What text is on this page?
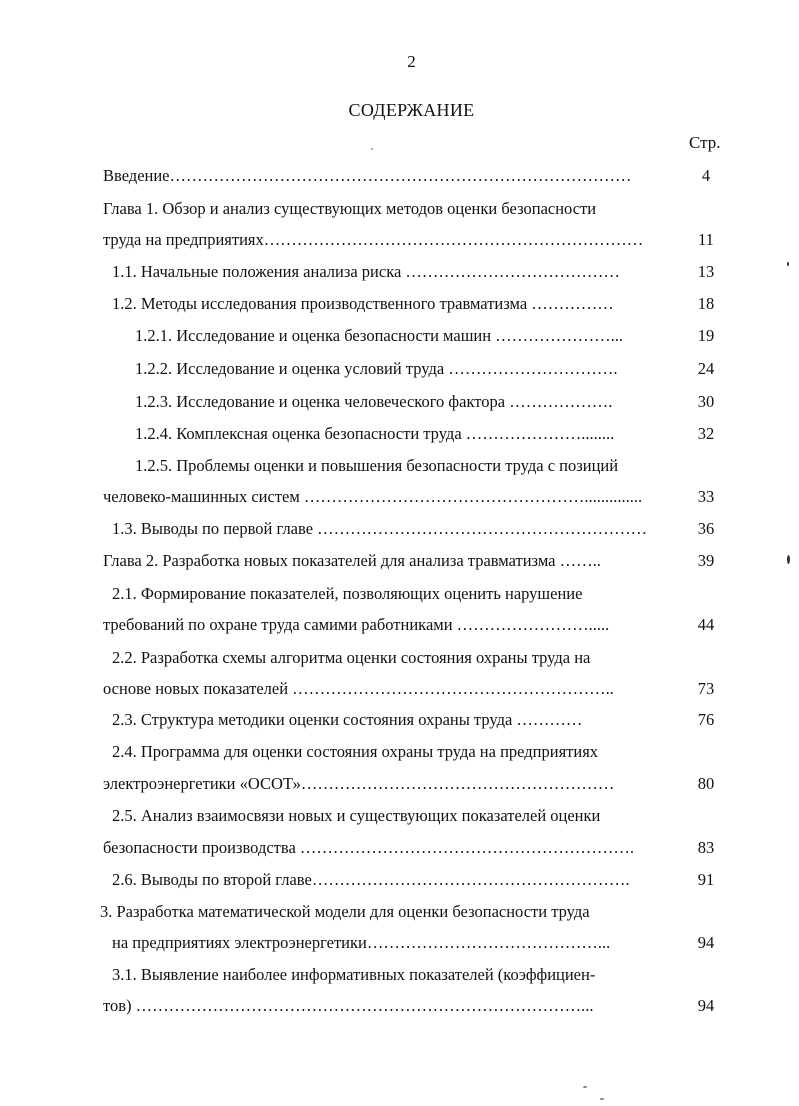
2
СОДЕРЖАНИЕ
Стр.
Введение…………………………………………………………………………	4
Глава 1. Обзор и анализ существующих методов оценки безопасности
труда на предприятиях……………………………………………………………	11
1.1. Начальные положения анализа риска …………………………………	13
1.2. Методы исследования производственного травматизма ……………	18
1.2.1. Исследование и оценка безопасности машин …………………...	19
1.2.2. Исследование и оценка условий труда ………………………….	24
1.2.3. Исследование и оценка человеческого фактора ……………….	30
1.2.4. Комплексная оценка безопасности труда …………………........	32
1.2.5. Проблемы оценки и повышения безопасности труда с позиций
человеко-машинных систем ……………………………………………..............	33
1.3. Выводы по первой главе ……………………………………………………	36
Глава 2. Разработка новых показателей для анализа травматизма ……..	39
2.1. Формирование показателей, позволяющих оценить нарушение
требований по охране труда самими работниками …………………….....	44
2.2. Разработка схемы алгоритма оценки состояния охраны труда на
основе новых показателей …………………………………………………..	73
2.3. Структура методики оценки состояния охраны труда …………	76
2.4. Программа для оценки состояния охраны труда на предприятиях
электроэнергетики «ОСОТ»…………………………………………………	80
2.5. Анализ взаимосвязи новых и существующих показателей оценки
безопасности производства …………………………………………………….	83
2.6. Выводы по второй главе………………………………………………….	91
3. Разработка математической модели для оценки безопасности труда
на предприятиях электроэнергетики……………………………………...	94
3.1. Выявление наиболее информативных показателей (коэффициен-
тов) ………………………………………………………………………...	94
